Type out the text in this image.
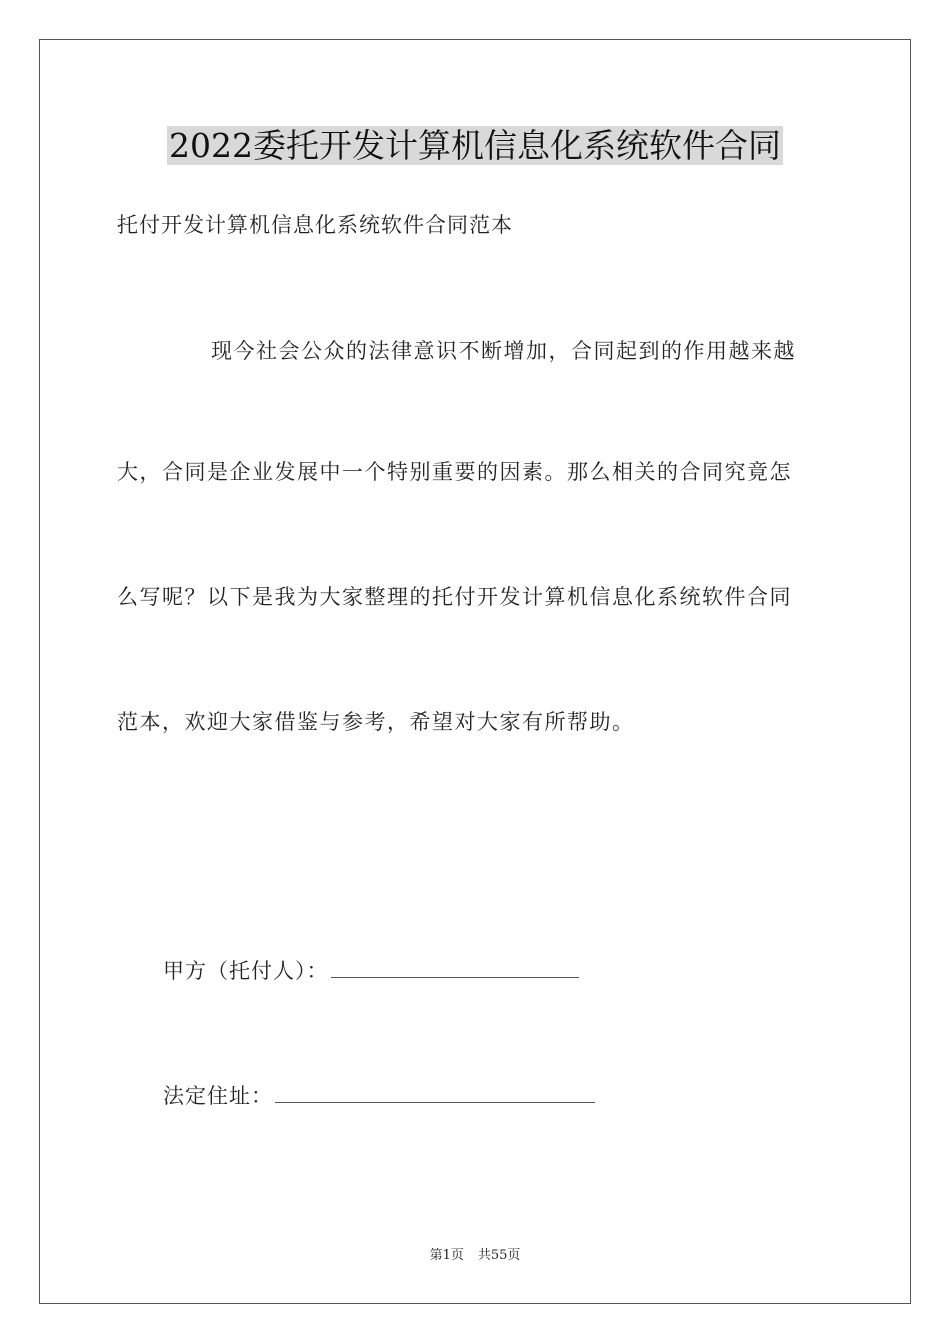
2022委托开发计算机信息化系统软件合同
托付开发计算机信息化系统软件合同范本
现今社会公众的法律意识不断增加，合同起到的作用越来越
大，合同是企业发展中一个特别重要的因素。那么相关的合同究竟怎
么写呢？以下是我为大家整理的托付开发计算机信息化系统软件合同
范本，欢迎大家借鉴与参考，希望对大家有所帮助。
甲方（托付人）：
法定住址：
第1页 共55页
